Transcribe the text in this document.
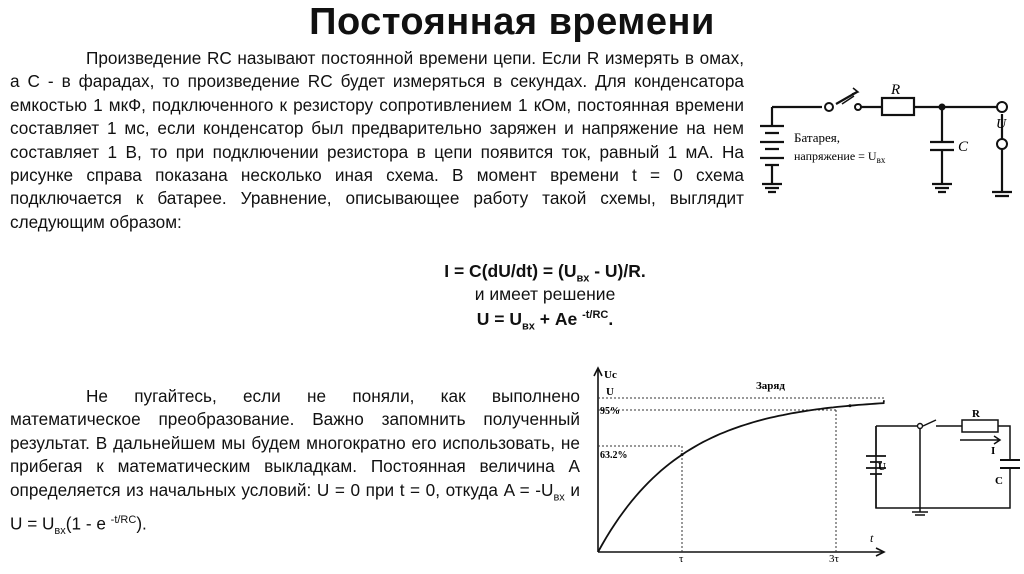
Постоянная времени

Произведение RC называют постоянной времени цепи. Если R измерять в омах, а C - в фарадах, то произведение RC будет измеряться в секундах. Для конденсатора емкостью 1 мкФ, подключенного к резистору сопротивлением 1 кОм, постоянная времени составляет 1 мс, если конденсатор был предварительно заряжен и напряжение на нем составляет 1 В, то при подключении резистора в цепи появится ток, равный 1 мА. На рисунке справа показана несколько иная схема. В момент времени t = 0 схема подключается к батарее. Уравнение, описывающее работу такой схемы, выглядит следующим образом:

$I = C(dU/dt) = (U_{вх} - U)/R$.
и имеет решение
$U = U_{вх} + Ae$ $^{-t/RC}$.

Не пугайтесь, если не поняли, как выполнено математическое преобразование. Важно запомнить полученный результат. В дальнейшем мы будем многократно его использовать, не прибегая к математическим выкладкам. Постоянная величина A определяется из начальных условий: U = 0 при t = 0, откуда $A = -U_{вх}$ и $U = U_{вх}(1 - e$ $^{-t/RC}$).

R
C
U
Батарея,
напряжение = $U_{вх}$
Uc
t
U	Заряд
95%
63.2%
τ	3τ
R
I
U
C
